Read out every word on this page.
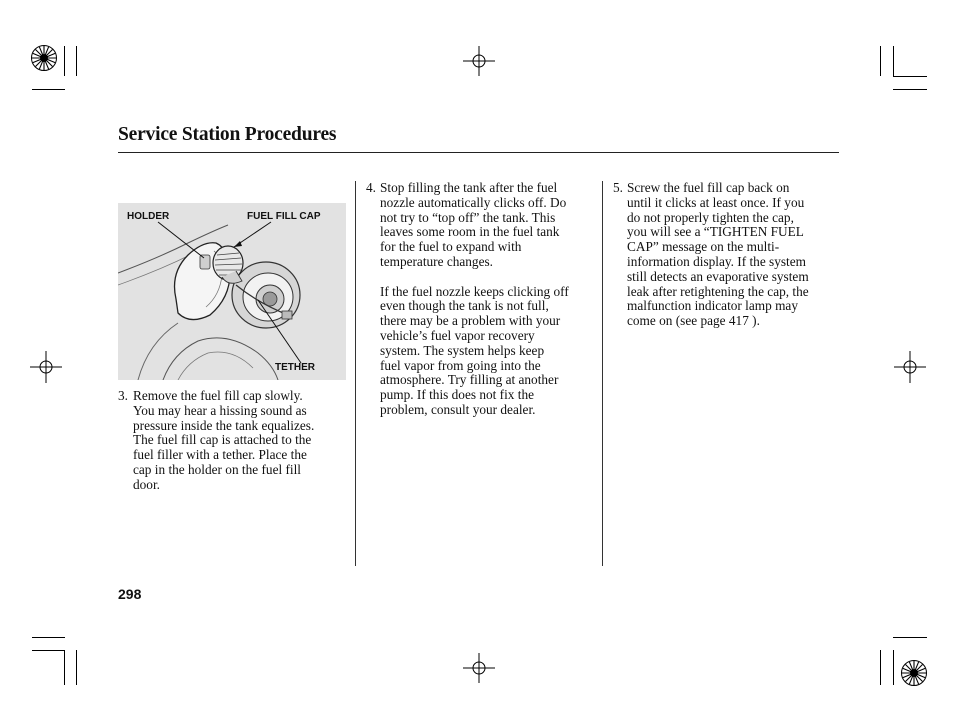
Service Station Procedures
HOLDER	FUEL FILL CAP
TETHER
3. Remove the fuel fill cap slowly.

You may hear a hissing sound as

pressure inside the tank equalizes.

The fuel fill cap is attached to the

fuel filler with a tether. Place the

cap in the holder on the fuel fill

door.

4. Stop filling the tank after the fuel

nozzle automatically clicks off. Do

not try to “top off” the tank. This

leaves some room in the fuel tank

for the fuel to expand with

temperature changes.

If the fuel nozzle keeps clicking off

even though the tank is not full,

there may be a problem with your

vehicle’s fuel vapor recovery

system. The system helps keep

fuel vapor from going into the

atmosphere. Try filling at another

pump. If this does not fix the

problem, consult your dealer.

5. Screw the fuel fill cap back on

until it clicks at least once. If you

do not properly tighten the cap,

you will see a “TIGHTEN FUEL

CAP” message on the multi-

information display. If the system

still detects an evaporative system

leak after retightening the cap, the

malfunction indicator lamp may

come on (see page 417 ).

298
